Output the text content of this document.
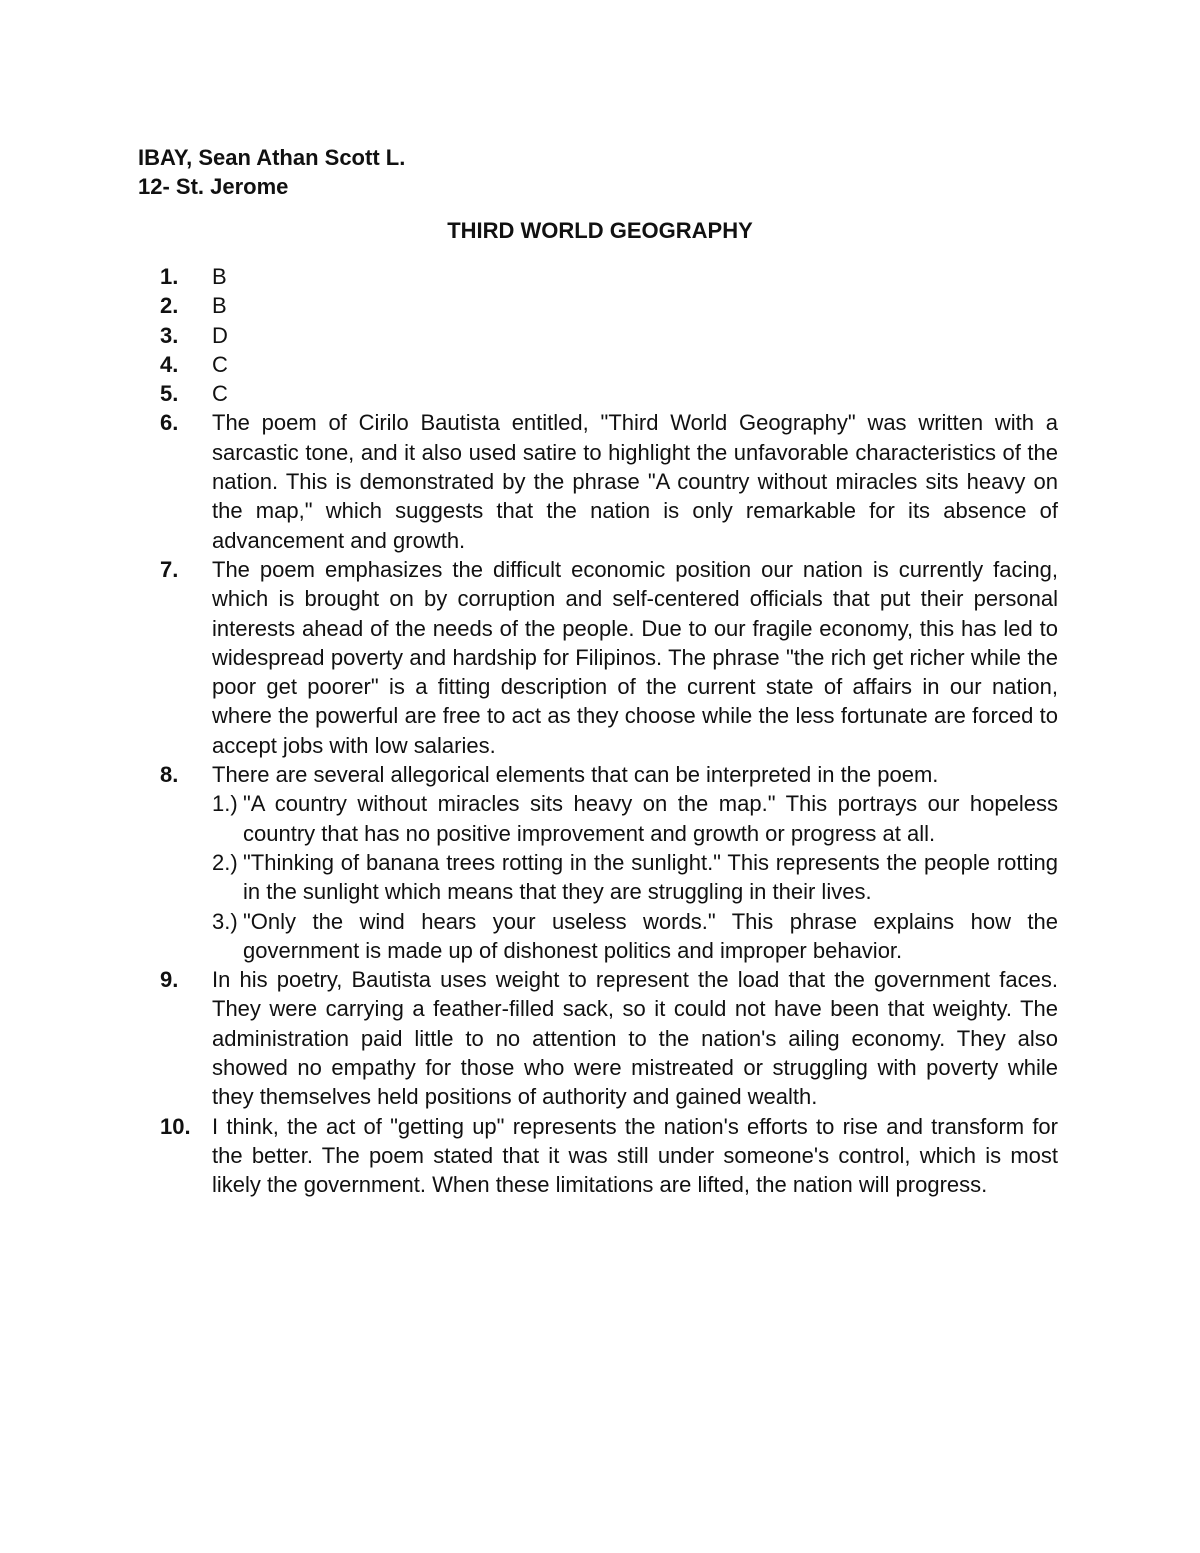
IBAY, Sean Athan Scott L.
12- St. Jerome
THIRD WORLD GEOGRAPHY
1.	B
2.	B
3.	D
4.	C
5.	C
6.	The poem of Cirilo Bautista entitled, "Third World Geography" was written with a sarcastic tone, and it also used satire to highlight the unfavorable characteristics of the nation. This is demonstrated by the phrase "A country without miracles sits heavy on the map," which suggests that the nation is only remarkable for its absence of advancement and growth.
7.	The poem emphasizes the difficult economic position our nation is currently facing, which is brought on by corruption and self-centered officials that put their personal interests ahead of the needs of the people. Due to our fragile economy, this has led to widespread poverty and hardship for Filipinos. The phrase "the rich get richer while the poor get poorer" is a fitting description of the current state of affairs in our nation, where the powerful are free to act as they choose while the less fortunate are forced to accept jobs with low salaries.
8.	There are several allegorical elements that can be interpreted in the poem.
1.) "A country without miracles sits heavy on the map." This portrays our hopeless country that has no positive improvement and growth or progress at all.
2.) "Thinking of banana trees rotting in the sunlight." This represents the people rotting in the sunlight which means that they are struggling in their lives.
3.) "Only the wind hears your useless words." This phrase explains how the government is made up of dishonest politics and improper behavior.
9.	In his poetry, Bautista uses weight to represent the load that the government faces. They were carrying a feather-filled sack, so it could not have been that weighty. The administration paid little to no attention to the nation's ailing economy. They also showed no empathy for those who were mistreated or struggling with poverty while they themselves held positions of authority and gained wealth.
10. I think, the act of "getting up" represents the nation's efforts to rise and transform for the better. The poem stated that it was still under someone's control, which is most likely the government. When these limitations are lifted, the nation will progress.
